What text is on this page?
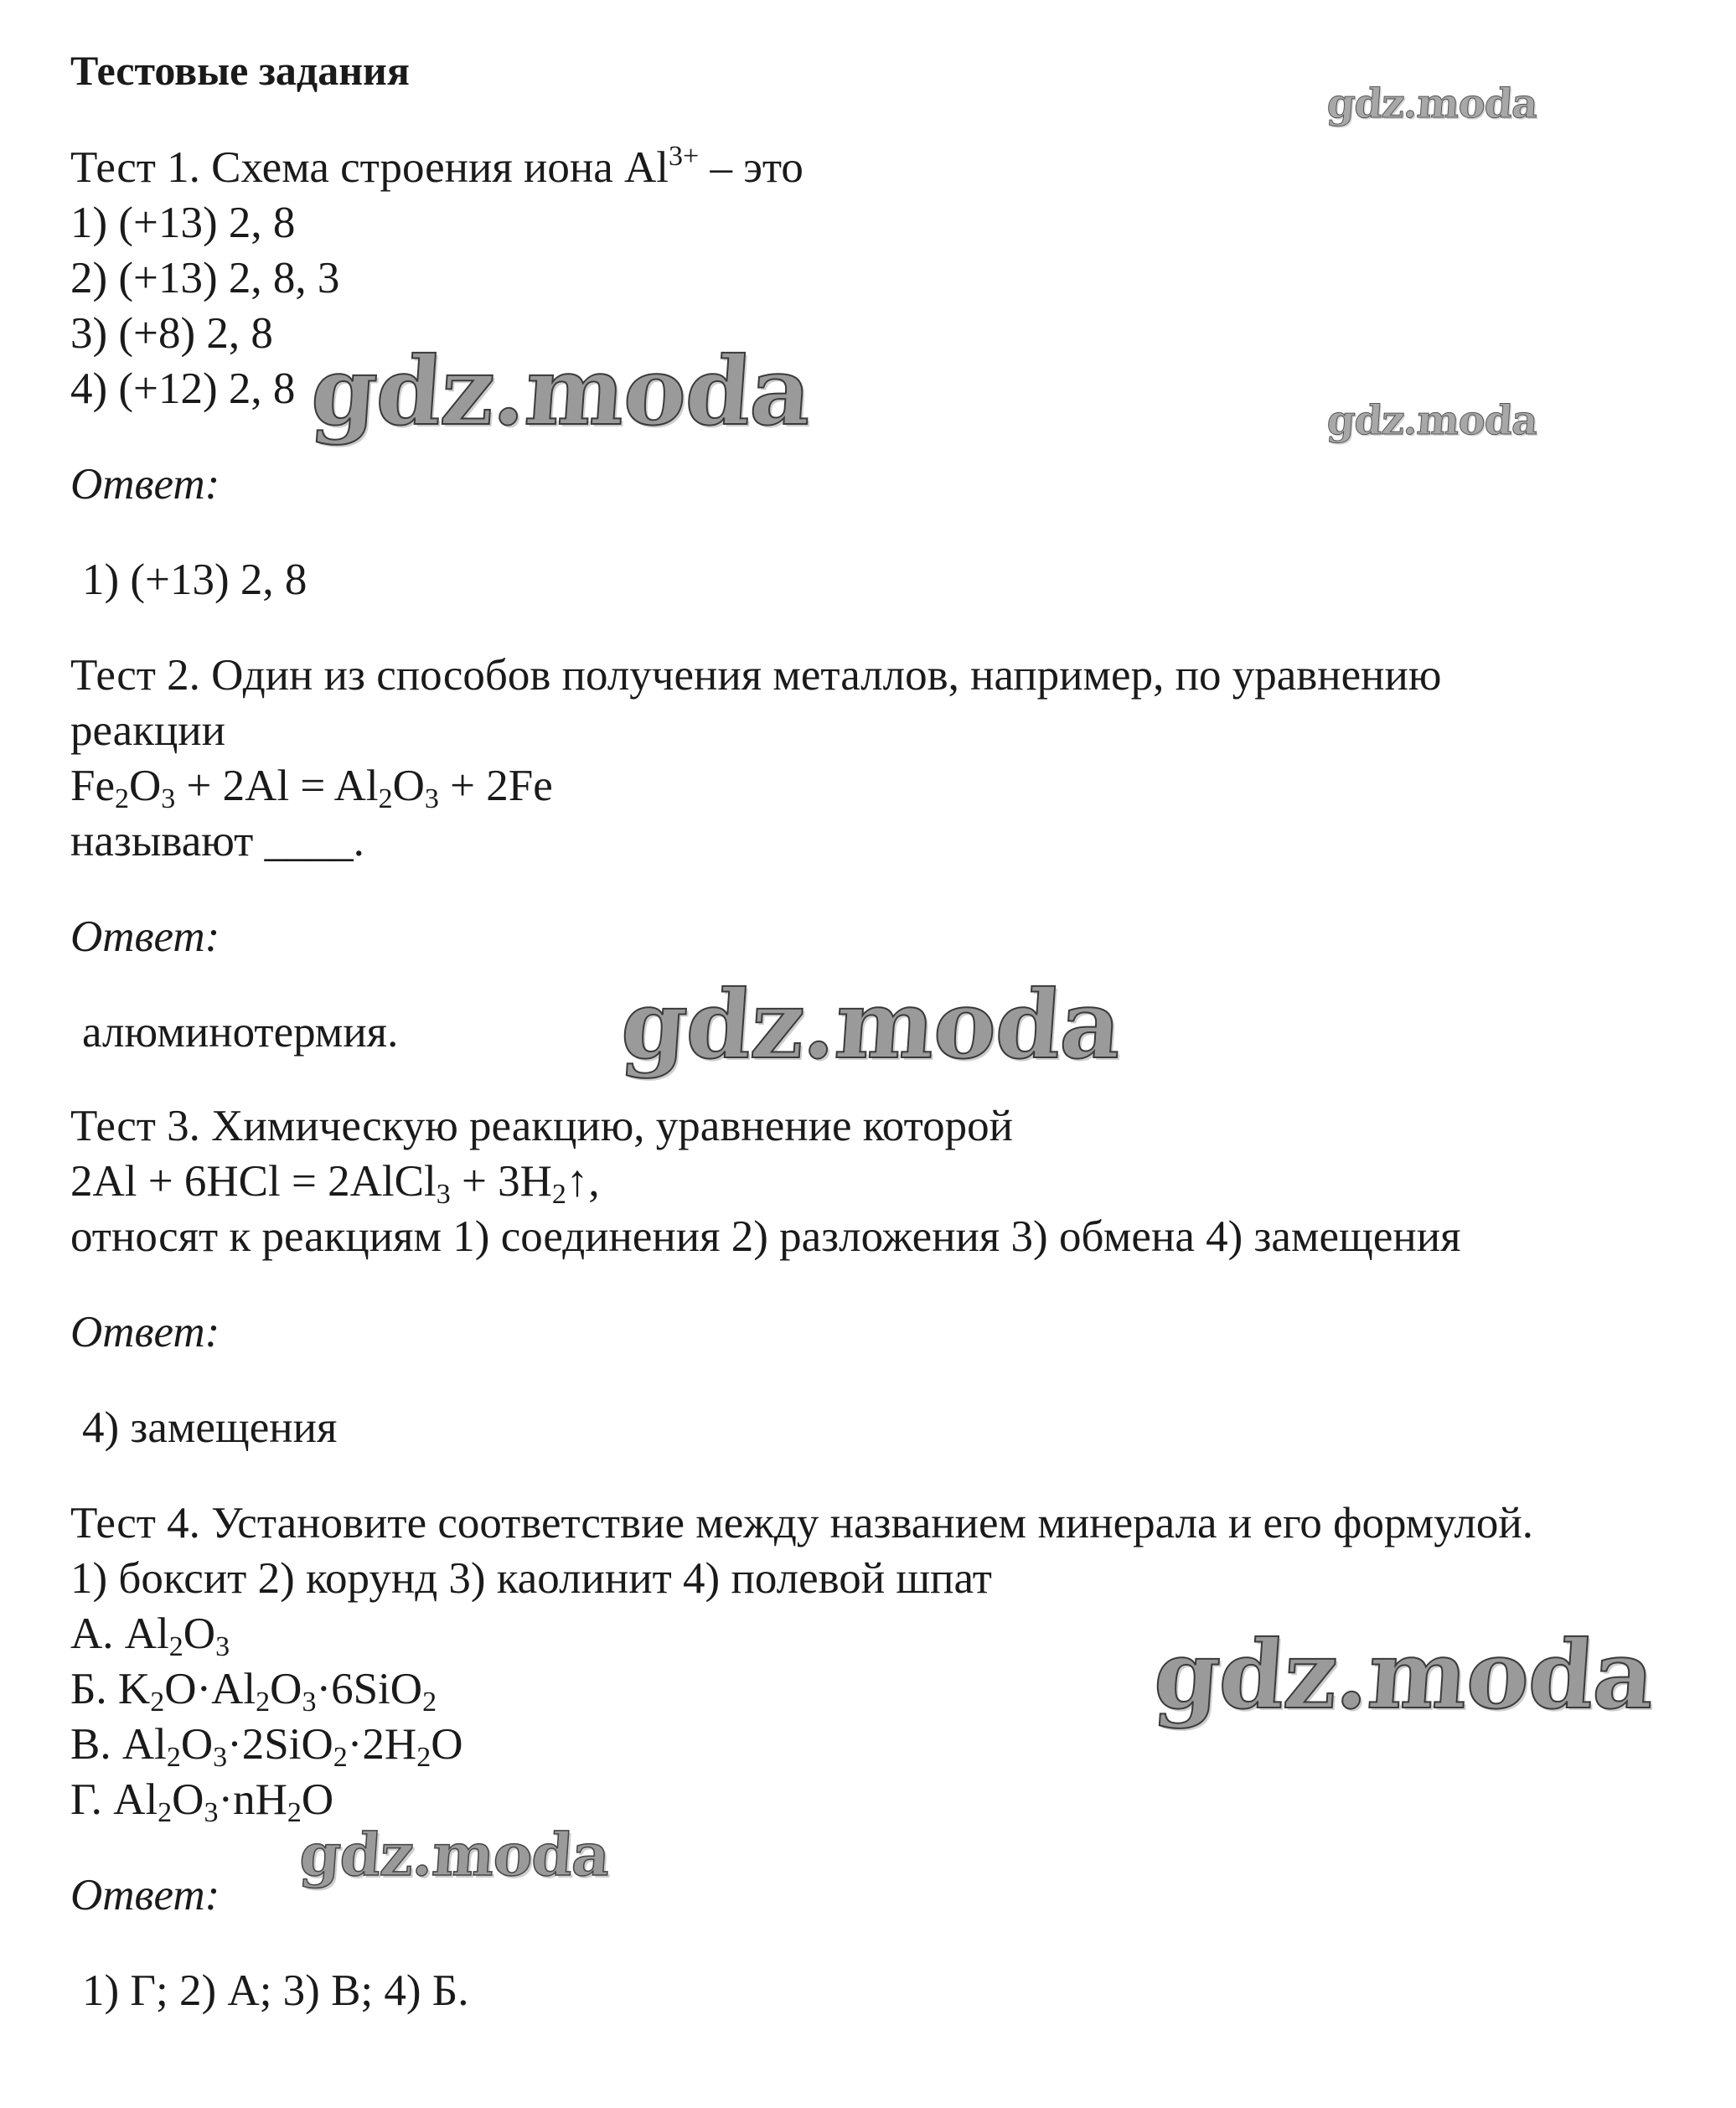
Тестовые задания
Тест 1. Схема строения иона $Al^{3+}$ – это
1) (+13) 2, 8
2) (+13) 2, 8, 3
3) (+8) 2, 8
4) (+12) 2, 8
Ответ:
1) (+13) 2, 8
Тест 2. Один из способов получения металлов, например, по уравнению
реакции
$Fe_2O_3 + 2Al = Al_2O_3 + 2Fe$
называют ____.
Ответ:
алюминотермия.
Тест 3. Химическую реакцию, уравнение которой
2Al + 6HCl = 2AlCl$_3$ + $3H_2↑$,
относят к реакциям 1) соединения 2) разложения 3) обмена 4) замещения
Ответ:
4) замещения
Тест 4. Установите соответствие между названием минерала и его формулой.
1) боксит 2) корунд 3) каолинит 4) полевой шпат
А. $Al_2O_3$
Б. $K_2O\cdot Al_2O_3\cdot 6SiO_2$
В. $Al_2O_3\cdot 2SiO_2\cdot 2H_2O$
Г. $Al_2O_3\cdot nH_2O$
Ответ:
1) Г; 2) А; 3) В; 4) Б.
gdz.moda
gdz.moda	gdz.moda
gdz.moda
gdz.moda
gdz.moda
